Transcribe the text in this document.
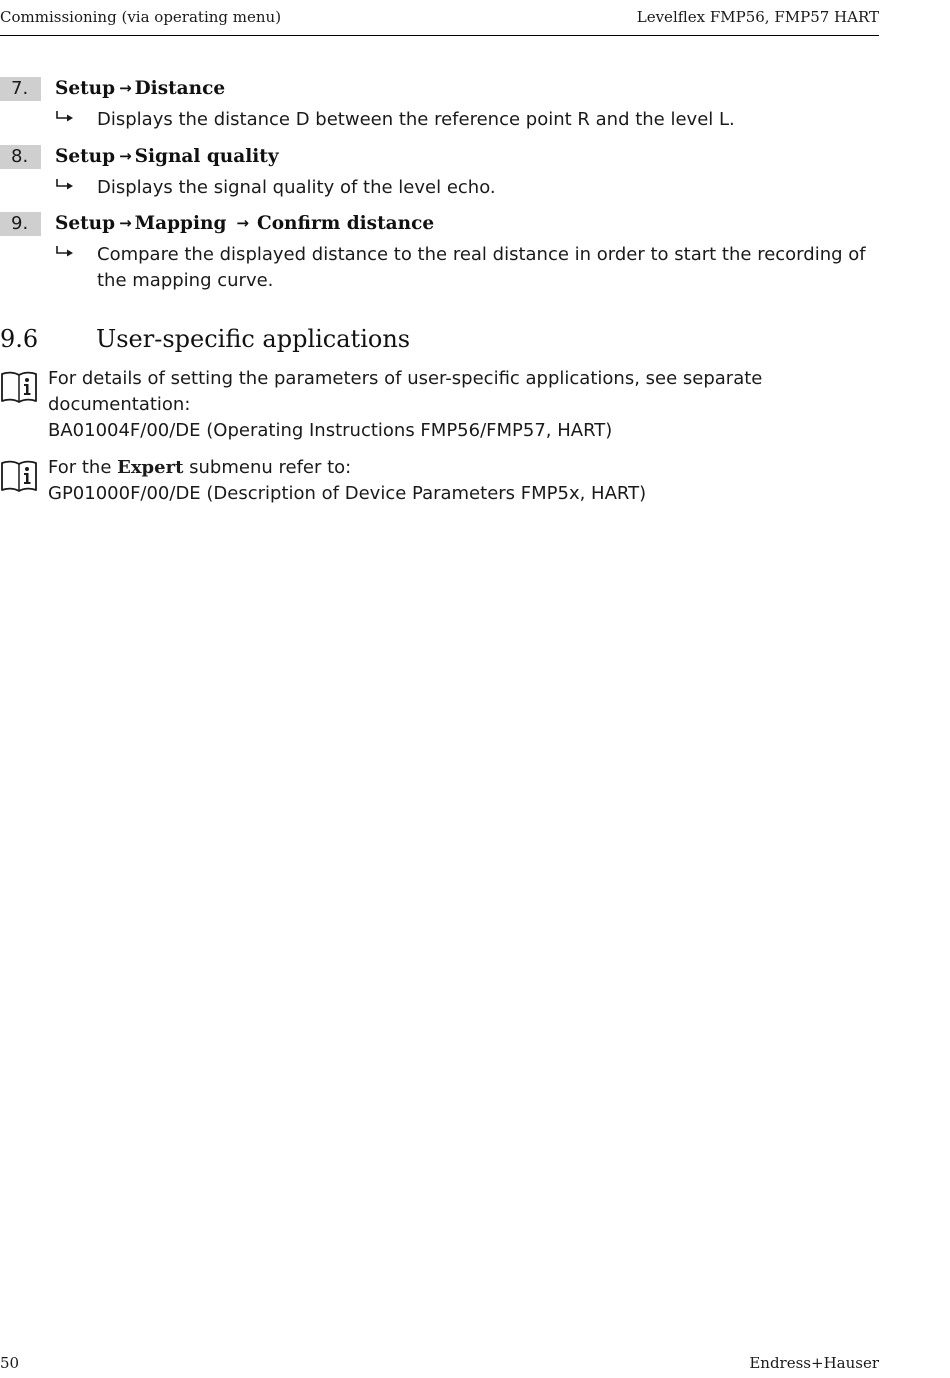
Commissioning (via operating menu)	Levelflex FMP56, FMP57 HART
7.	Setup → Distance
Displays the distance D between the reference point R and the level L.
8.	Setup → Signal quality
Displays the signal quality of the level echo.
9.	Setup → Mapping → Confirm distance
Compare the displayed distance to the real distance in order to start the recording of the mapping curve.
9.6 User-specific applications
For details of setting the parameters of user-specific applications, see separate documentation:
BA01004F/00/DE (Operating Instructions FMP56/FMP57, HART)
For the Expert submenu refer to:
GP01000F/00/DE (Description of Device Parameters FMP5x, HART)
50	Endress+Hauser
